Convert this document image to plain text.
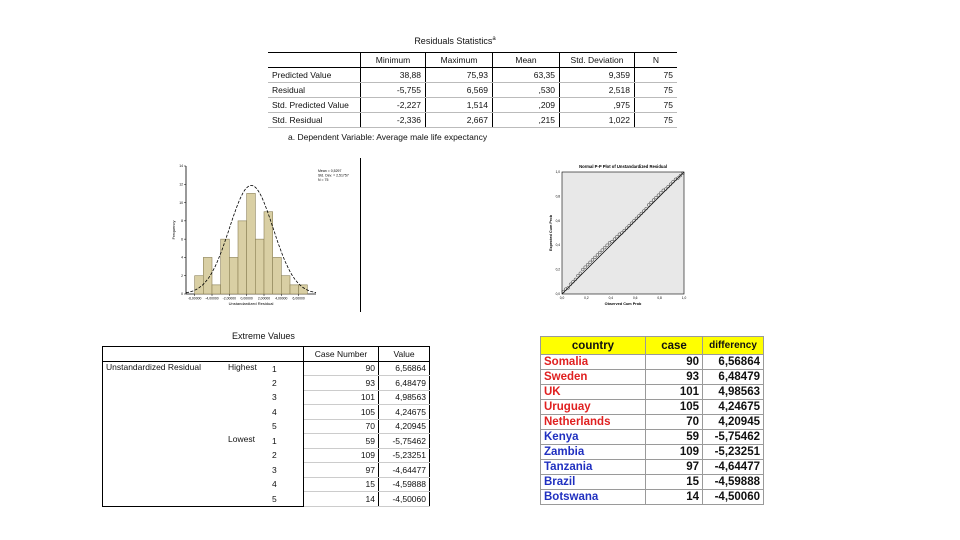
Residuals Statistics$^a$
	Minimum	Maximum	Mean	Std. Deviation	N
Predicted Value	38,88	75,93	63,35	9,359	75
Residual	-5,755	6,569	,530	2,518	75
Std. Predicted Value	-2,227	1,514	,209	,975	75
Std. Residual	-2,336	2,667	,215	1,022	75
a. Dependent Variable: Average male life expectancy
0
2
4
6
8
10
12
14
-6,00000 -4,00000 -2,00000 0,00000 2,00000 4,00000 6,00000
Unstandardized Residual
Frequency
Mean = 0,5297
Std. Dev. = 2,51757
N = 75
Normal P-P Plot of Unstandardized Residual
0,0	0,2	0,4	0,6	0,8	1,0
0,0
0,2
0,4
0,6
0,8
1,0
Observed Cum Prob
Expected Cum Prob
Extreme Values
			Case Number	Value
Unstandardized Residual	Highest	1	90	6,56864
		2	93	6,48479
		3	101	4,98563
		4	105	4,24675
		5	70	4,20945
	Lowest	1	59	-5,75462
		2	109	-5,23251
		3	97	-4,64477
		4	15	-4,59888
		5	14	-4,50060
country	case	differency
Somalia	90	6,56864
Sweden	93	6,48479
UK	101	4,98563
Uruguay	105	4,24675
Netherlands	70	4,20945
Kenya	59	-5,75462
Zambia	109	-5,23251
Tanzania	97	-4,64477
Brazil	15	-4,59888
Botswana	14	-4,50060
